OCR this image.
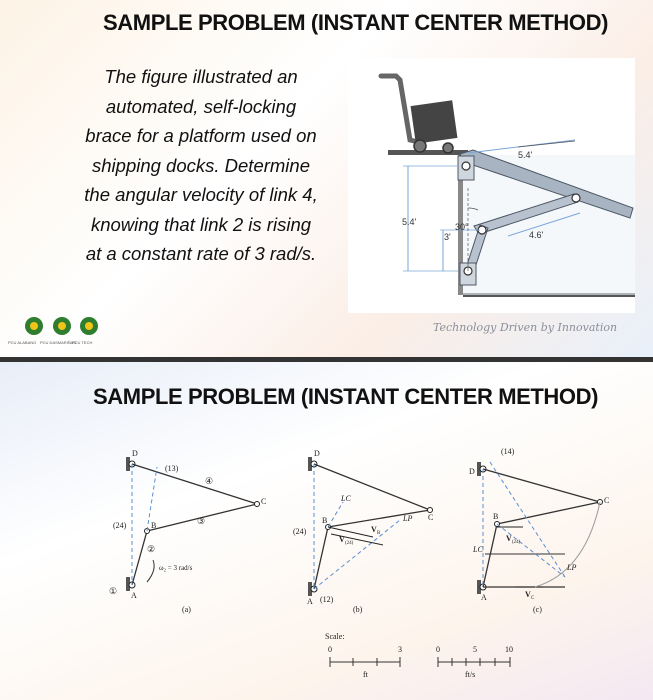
SAMPLE PROBLEM (INSTANT CENTER METHOD)
The figure illustrated an automated, self-locking brace for a platform used on shipping docks. Determine the angular velocity of link 4, knowing that link 2 is rising at a constant rate of 3 rad/s.
5.4'
5.4'
3'
30°
4.6'
PCU ALABANG PCU DASMARIÑAS
PCU TECH
Technology Driven by Innovation
SAMPLE PROBLEM (INSTANT CENTER METHOD)
D
(13)
④
C
③
(24)	B
②
ω₂ = 3 rad/s
① A
(a)
D
LC
(24)
B
V B
V (24)
LP C
A (12)
(b)
(14)
D
C
B
V (24)
LC
LP
V C
A
(c)
Scale:
0	3
ft
0	5	10
ft/s
